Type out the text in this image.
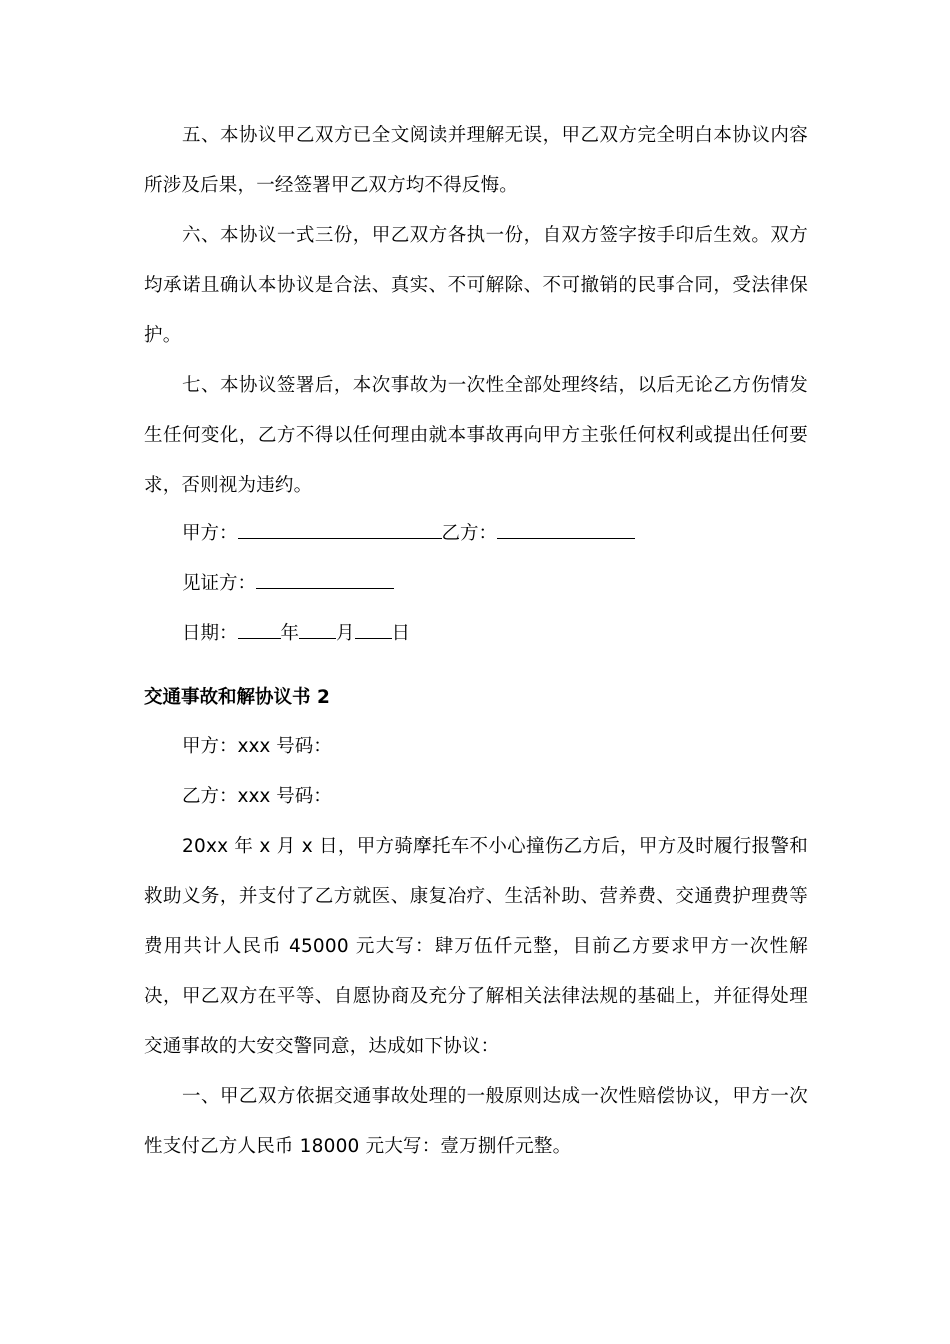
五、本协议甲乙双方已全文阅读并理解无误，甲乙双方完全明白本协议内容所涉及后果，一经签署甲乙双方均不得反悔。

六、本协议一式三份，甲乙双方各执一份，自双方签字按手印后生效。双方均承诺且确认本协议是合法、真实、不可解除、不可撤销的民事合同，受法律保护。

七、本协议签署后，本次事故为一次性全部处理终结，以后无论乙方伤情发生任何变化，乙方不得以任何理由就本事故再向甲方主张任何权利或提出任何要求，否则视为违约。

甲方：	乙方：
见证方：
日期： 年 月 日
交通事故和解协议书 2
甲方：xxx 号码：
乙方：xxx 号码：

20xx 年 x 月 x 日，甲方骑摩托车不小心撞伤乙方后，甲方及时履行报警和救助义务，并支付了乙方就医、康复冶疗、生活补助、营养费、交通费护理费等费用共计人民币 45000 元大写：肆万伍仟元整，目前乙方要求甲方一次性解决，甲乙双方在平等、自愿协商及充分了解相关法律法规的基础上，并征得处理交通事故的大安交警同意，达成如下协议：

一、甲乙双方依据交通事故处理的一般原则达成一次性赔偿协议，甲方一次性支付乙方人民币 18000 元大写：壹万捌仟元整。
